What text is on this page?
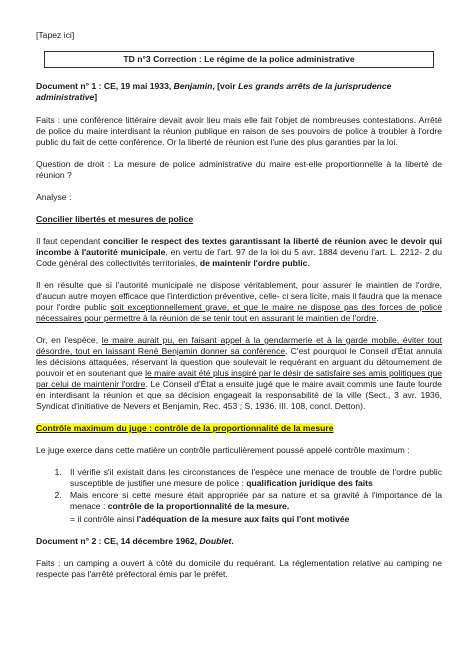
[Tapez ici]
TD n°3 Correction : Le régime de la police administrative
Document n° 1 : CE, 19 mai 1933, Benjamin, [voir Les grands arrêts de la jurisprudence administrative]

Faits : une conférence littéraire devait avoir lieu mais elle fait l'objet de nombreuses contestations. Arrêté de police du maire interdisant la réunion publique en raison de ses pouvoirs de police à troubler à l'ordre public du fait de cette conférence. Or la liberté de réunion est l'une des plus garanties par la loi.

Question de droit : La mesure de police administrative du maire est-elle proportionnelle à la liberté de réunion ?

Analyse :

Concilier libertés et mesures de police

Il faut cependant concilier le respect des textes garantissant la liberté de réunion avec le devoir qui incombe à l'autorité municipale, en vertu de l'art. 97 de la loi du 5 avr. 1884 devenu l'art. L. 2212- 2 du Code général des collectivités territoriales, de maintenir l'ordre public.

Il en résulte que si l'autorité municipale ne dispose véritablement, pour assurer le maintien de l'ordre, d'aucun autre moyen efficace que l'interdiction préventive, celle- ci sera licite, mais il faudra que la menace pour l'ordre public soit exceptionnellement grave, et que le maire ne dispose pas des forces de police nécessaires pour permettre à la réunion de se tenir tout en assurant le maintien de l'ordre.

Or, en l'espèce, le maire aurait pu, en faisant appel à la gendarmerie et à la garde mobile, éviter tout désordre, tout en laissant René Benjamin donner sa conférence. C'est pourquoi le Conseil d'État annula les décisions attaquées, réservant la question que soulevait le requérant en arguant du détournement de pouvoir et en soutenant que le maire avait été plus inspiré par le désir de satisfaire ses amis politiques que par celui de maintenir l'ordre. Le Conseil d'État a ensuite jugé que le maire avait commis une faute lourde en interdisant la réunion et que sa décision engageait la responsabilité de la ville (Sect., 3 avr. 1936, Syndicat d'initiative de Nevers et Benjamin, Rec. 453 ; S. 1936. III. 108, concl. Detton).

Contrôle maximum du juge : contrôle de la proportionnalité de la mesure

Le juge exerce dans cette matière un contrôle particulièrement poussé appelé contrôle maximum :

1. Il vérifie s'il existait dans les circonstances de l'espèce une menace de trouble de l'ordre public susceptible de justifier une mesure de police : qualification juridique des faits
2. Mais encore si cette mesure était appropriée par sa nature et sa gravité à l'importance de la menace : contrôle de la proportionnalité de la mesure.

= il contrôle ainsi l'adéquation de la mesure aux faits qui l'ont motivée

Document n° 2 : CE, 14 décembre 1962, Doublet.

Faits : un camping a ouvert à côté du domicile du requérant. La réglementation relative au camping ne respecte pas l'arrêté préfectoral émis par le préfet.
